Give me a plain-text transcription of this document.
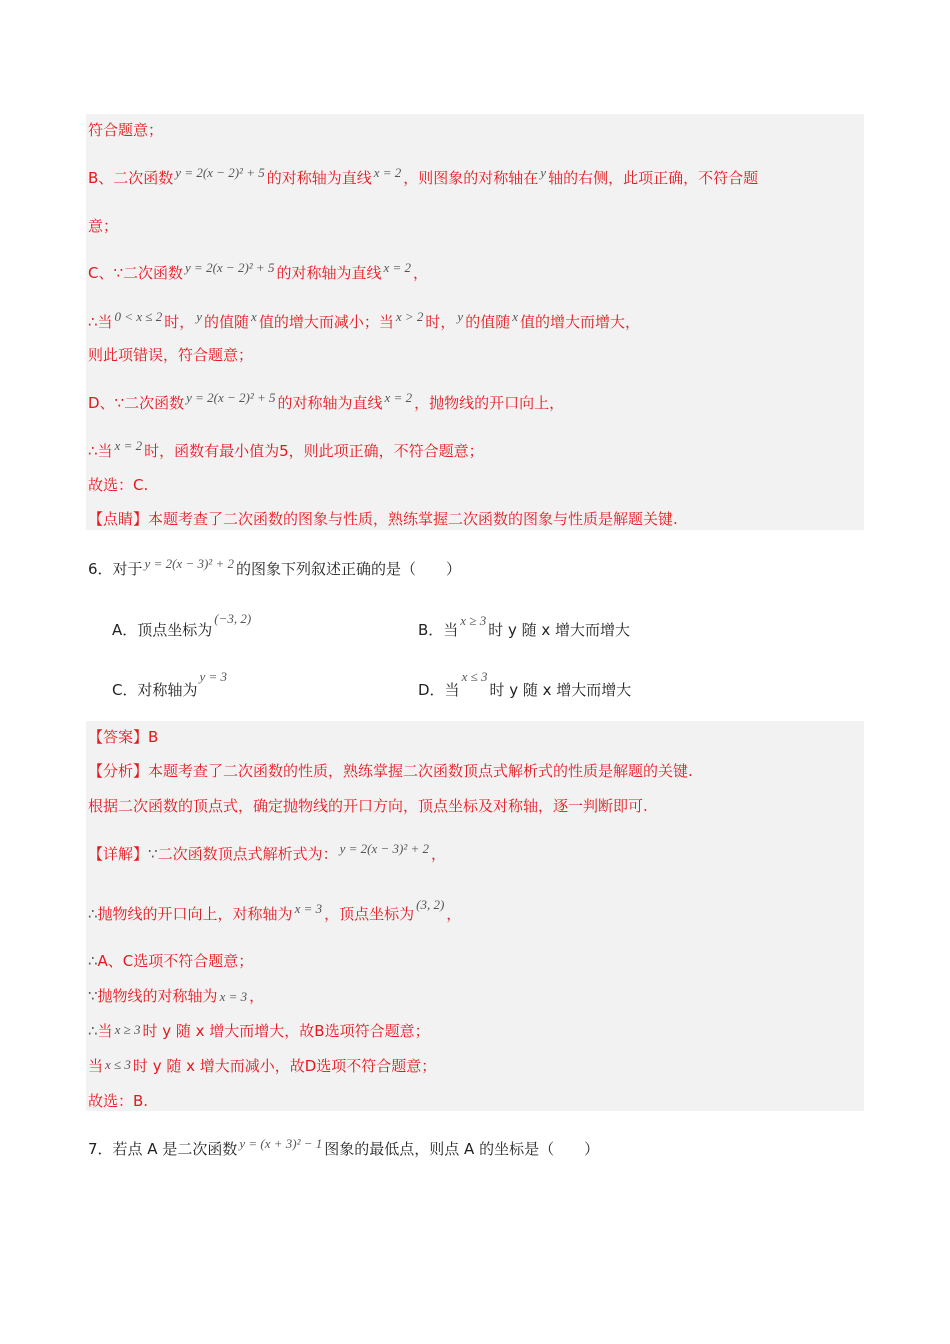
符合题意；
B、二次函数 y = 2(x − 2)² + 5 的对称轴为直线 x = 2 ，则图象的对称轴在 y 轴的右侧，此项正确，不符合题
意；
C、∵二次函数 y = 2(x − 2)² + 5 的对称轴为直线 x = 2 ，
∴当 0 < x ≤ 2 时， y 的值随 x 值的增大而减小；当 x > 2 时， y 的值随 x 值的增大而增大，
则此项错误，符合题意；
D、∵二次函数 y = 2(x − 2)² + 5 的对称轴为直线 x = 2 ，抛物线的开口向上，
∴当 x = 2 时，函数有最小值为5，则此项正确，不符合题意；
故选：C.
【点睛】本题考查了二次函数的图象与性质，熟练掌握二次函数的图象与性质是解题关键.
6．对于 y = 2(x − 3)² + 2 的图象下列叙述正确的是（　　）
A．顶点坐标为(−3, 2)
B．当x ≥ 3时 y 随 x 增大而增大
C．对称轴为y = 3
D．当x ≤ 3时 y 随 x 增大而增大
【答案】B
【分析】本题考查了二次函数的性质，熟练掌握二次函数顶点式解析式的性质是解题的关键.
根据二次函数的顶点式，确定抛物线的开口方向，顶点坐标及对称轴，逐一判断即可.
【详解】∵二次函数顶点式解析式为： y = 2(x − 3)² + 2 ，
∴抛物线的开口向上，对称轴为 x = 3 ，顶点坐标为(3, 2)，
∴A、C选项不符合题意；
∵抛物线的对称轴为 x = 3 ，
∴当 x ≥ 3 时 y 随 x 增大而增大，故B选项符合题意；
当 x ≤ 3 时 y 随 x 增大而减小，故D选项不符合题意；
故选：B.
7．若点 A 是二次函数 y = (x + 3)² − 1 图象的最低点，则点 A 的坐标是（　　）
